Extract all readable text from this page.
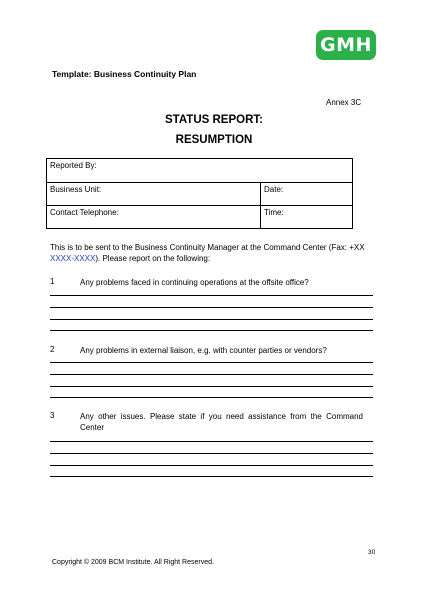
GMH
Template: Business Continuity Plan
Annex 3C
STATUS REPORT:
RESUMPTION
Reported By:	
Business Unit:	Date:
Contact Telephone:	Time:
This is to be sent to the Business Continuity Manager at the Command Center (Fax: +XX XXXX-XXXX). Please report on the following:
1	Any problems faced in continuing operations at the offsite office?
2	Any problems in external liaison, e.g. with counter parties or vendors?
3	Any other issues. Please state if you need assistance from the Command Center
30
Copyright © 2009 BCM Institute. All Right Reserved.
